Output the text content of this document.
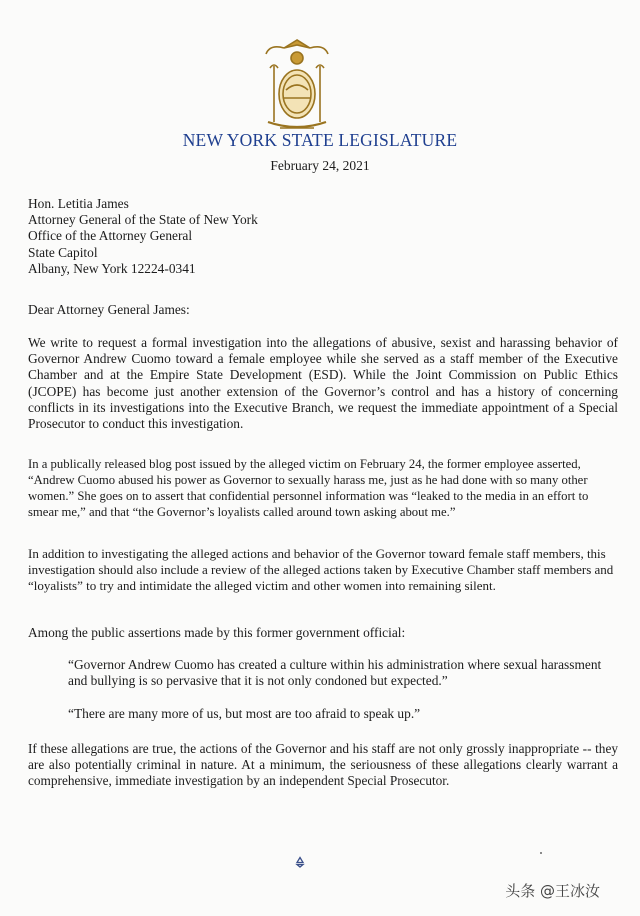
NEW YORK STATE LEGISLATURE
February 24, 2021
Hon. Letitia James
Attorney General of the State of New York
Office of the Attorney General
State Capitol
Albany, New York 12224-0341

Dear Attorney General James:

We write to request a formal investigation into the allegations of abusive, sexist and harassing behavior of Governor Andrew Cuomo toward a female employee while she served as a staff member of the Executive Chamber and at the Empire State Development (ESD). While the Joint Commission on Public Ethics (JCOPE) has become just another extension of the Governor’s control and has a history of concerning conflicts in its investigations into the Executive Branch, we request the immediate appointment of a Special Prosecutor to conduct this investigation.

In a publically released blog post issued by the alleged victim on February 24, the former employee asserted, “Andrew Cuomo abused his power as Governor to sexually harass me, just as he had done with so many other women.” She goes on to assert that confidential personnel information was “leaked to the media in an effort to smear me,” and that “the Governor’s loyalists called around town asking about me.”

In addition to investigating the alleged actions and behavior of the Governor toward female staff members, this investigation should also include a review of the alleged actions taken by Executive Chamber staff members and “loyalists” to try and intimidate the alleged victim and other women into remaining silent.

Among the public assertions made by this former government official:

“Governor Andrew Cuomo has created a culture within his administration where sexual harassment and bullying is so pervasive that it is not only condoned but expected.”

“There are many more of us, but most are too afraid to speak up.”

If these allegations are true, the actions of the Governor and his staff are not only grossly inappropriate -- they are also potentially criminal in nature. At a minimum, the seriousness of these allegations clearly warrant a comprehensive, immediate investigation by an independent Special Prosecutor.

头条 @王冰汝
